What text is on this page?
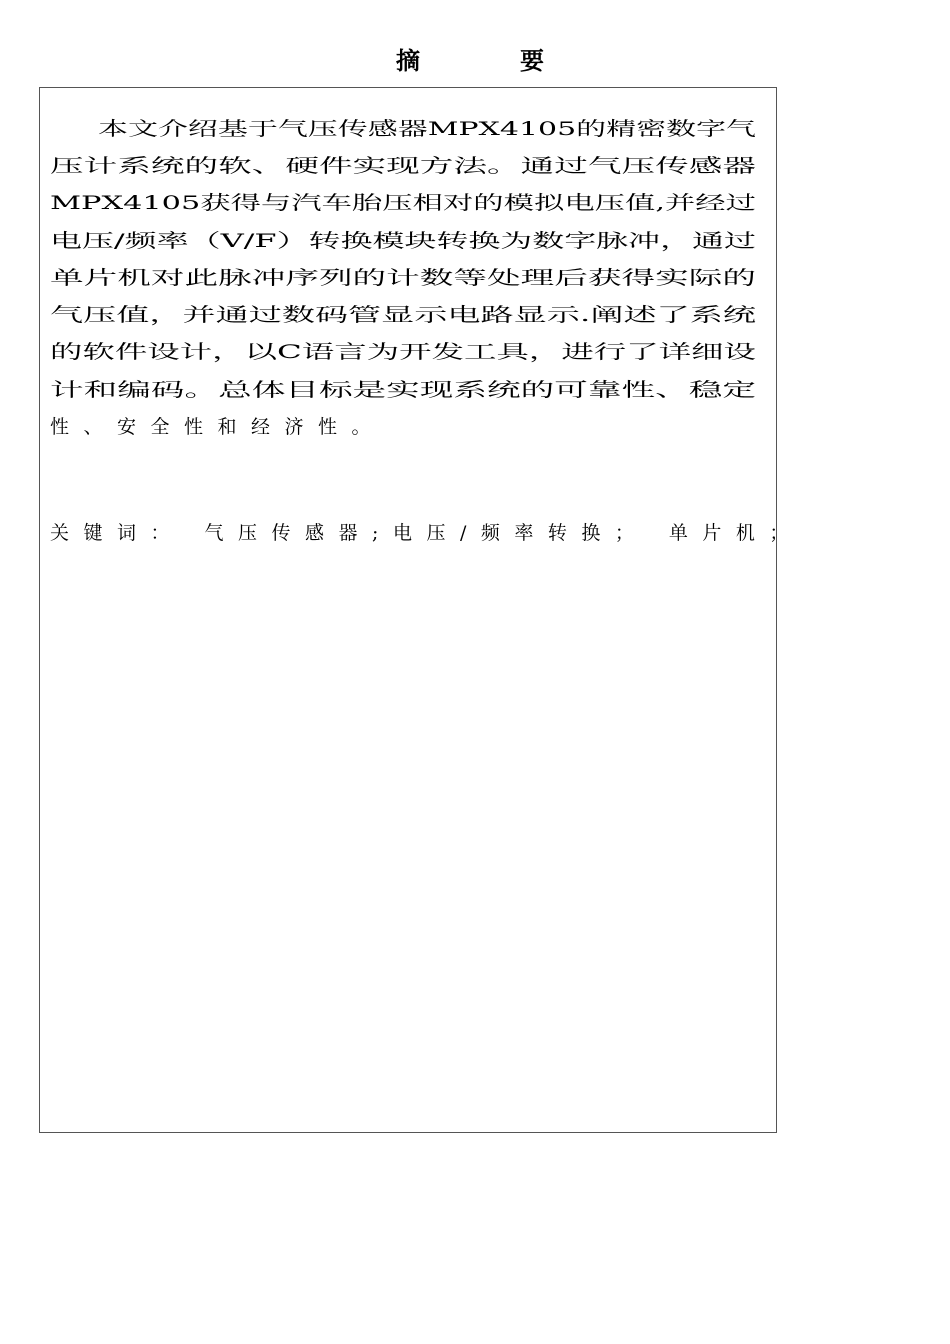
摘　要
本文介绍基于气压传感器MPX4105的精密数字气
压计系统的软、硬件实现方法。通过气压传感器
MPX4105获得与汽车胎压相对的模拟电压值,并经过
电压/频率（V/F）转换模块转换为数字脉冲，通过
单片机对此脉冲序列的计数等处理后获得实际的
气压值，并通过数码管显示电路显示.阐述了系统
的软件设计，以C语言为开发工具，进行了详细设
计和编码。总体目标是实现系统的可靠性、稳定
性、安全性和经济性。
关键词： 气压传感器;电压/频率转换； 单片机；
